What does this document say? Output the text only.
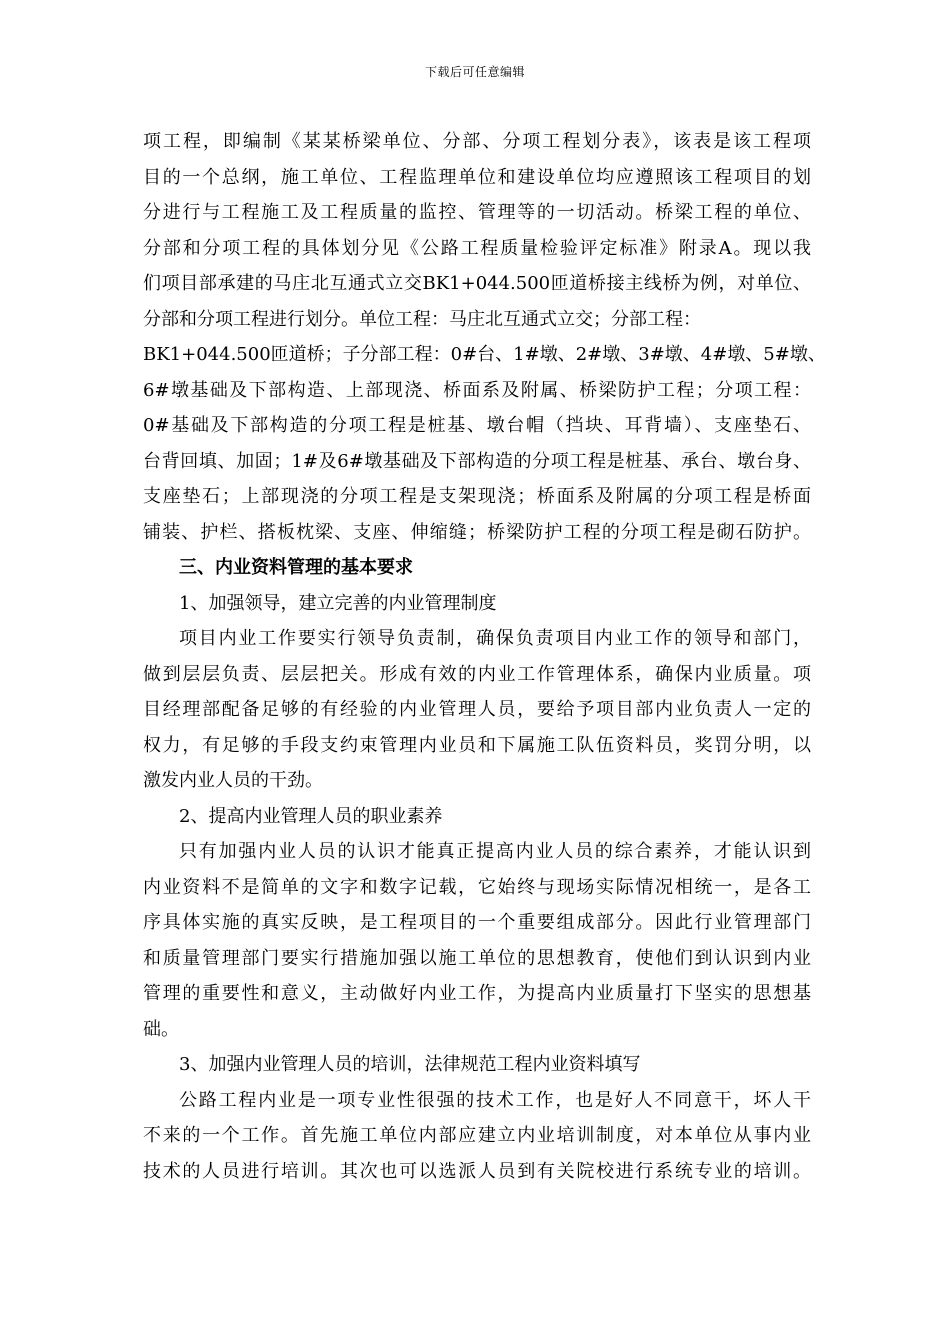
下载后可任意编辑
项工程，即编制《某某桥梁单位、分部、分项工程划分表》，该表是该工程项
目的一个总纲，施工单位、工程监理单位和建设单位均应遵照该工程项目的划
分进行与工程施工及工程质量的监控、管理等的一切活动。桥梁工程的单位、
分部和分项工程的具体划分见《公路工程质量检验评定标准》附录A。现以我
们项目部承建的马庄北互通式立交BK1+044.500匝道桥接主线桥为例，对单位、
分部和分项工程进行划分。单位工程：马庄北互通式立交；分部工程：
BK1+044.500匝道桥；子分部工程：0#台、1#墩、2#墩、3#墩、4#墩、5#墩、
6#墩基础及下部构造、上部现浇、桥面系及附属、桥梁防护工程；分项工程：
0#基础及下部构造的分项工程是桩基、墩台帽（挡块、耳背墙）、支座垫石、
台背回填、加固；1#及6#墩基础及下部构造的分项工程是桩基、承台、墩台身、
支座垫石；上部现浇的分项工程是支架现浇；桥面系及附属的分项工程是桥面
铺装、护栏、搭板枕梁、支座、伸缩缝；桥梁防护工程的分项工程是砌石防护。
三、内业资料管理的基本要求
1、加强领导，建立完善的内业管理制度
项目内业工作要实行领导负责制，确保负责项目内业工作的领导和部门，
做到层层负责、层层把关。形成有效的内业工作管理体系，确保内业质量。项
目经理部配备足够的有经验的内业管理人员，要给予项目部内业负责人一定的
权力，有足够的手段支约束管理内业员和下属施工队伍资料员，奖罚分明，以
激发内业人员的干劲。
2、提高内业管理人员的职业素养
只有加强内业人员的认识才能真正提高内业人员的综合素养，才能认识到
内业资料不是简单的文字和数字记载，它始终与现场实际情况相统一，是各工
序具体实施的真实反映，是工程项目的一个重要组成部分。因此行业管理部门
和质量管理部门要实行措施加强以施工单位的思想教育，使他们到认识到内业
管理的重要性和意义，主动做好内业工作，为提高内业质量打下坚实的思想基
础。
3、加强内业管理人员的培训，法律规范工程内业资料填写
公路工程内业是一项专业性很强的技术工作，也是好人不同意干，坏人干
不来的一个工作。首先施工单位内部应建立内业培训制度，对本单位从事内业
技术的人员进行培训。其次也可以选派人员到有关院校进行系统专业的培训。
